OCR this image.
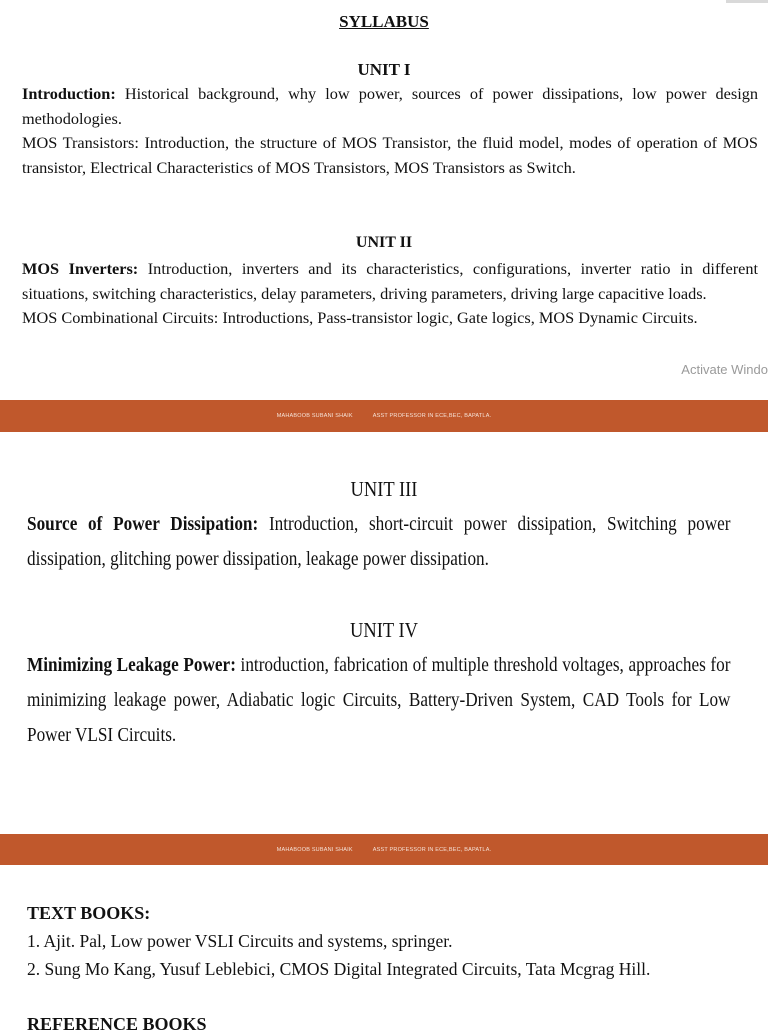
SYLLABUS
UNIT I

Introduction: Historical background, why low power, sources of power dissipations, low power design methodologies.

MOS Transistors: Introduction, the structure of MOS Transistor, the fluid model, modes of operation of MOS transistor, Electrical Characteristics of MOS Transistors, MOS Transistors as Switch.

UNIT II

MOS Inverters: Introduction, inverters and its characteristics, configurations, inverter ratio in different situations, switching characteristics, delay parameters, driving parameters, driving large capacitive loads.

MOS Combinational Circuits: Introductions, Pass-transistor logic, Gate logics, MOS Dynamic Circuits.

Activate Windo
MAHABOOB SUBANI SHAIK	ASST PROFESSOR IN ECE,BEC, BAPATLA.
UNIT III

Source of Power Dissipation: Introduction, short-circuit power dissipation, Switching power dissipation, glitching power dissipation, leakage power dissipation.

UNIT IV

Minimizing Leakage Power: introduction, fabrication of multiple threshold voltages, approaches for minimizing leakage power, Adiabatic logic Circuits, Battery-Driven System, CAD Tools for Low Power VLSI Circuits.

MAHABOOB SUBANI SHAIK	ASST PROFESSOR IN ECE,BEC, BAPATLA.
TEXT BOOKS:
1. Ajit. Pal, Low power VSLI Circuits and systems, springer.
2. Sung Mo Kang, Yusuf Leblebici, CMOS Digital Integrated Circuits, Tata Mcgrag Hill.
REFERENCE BOOKS
